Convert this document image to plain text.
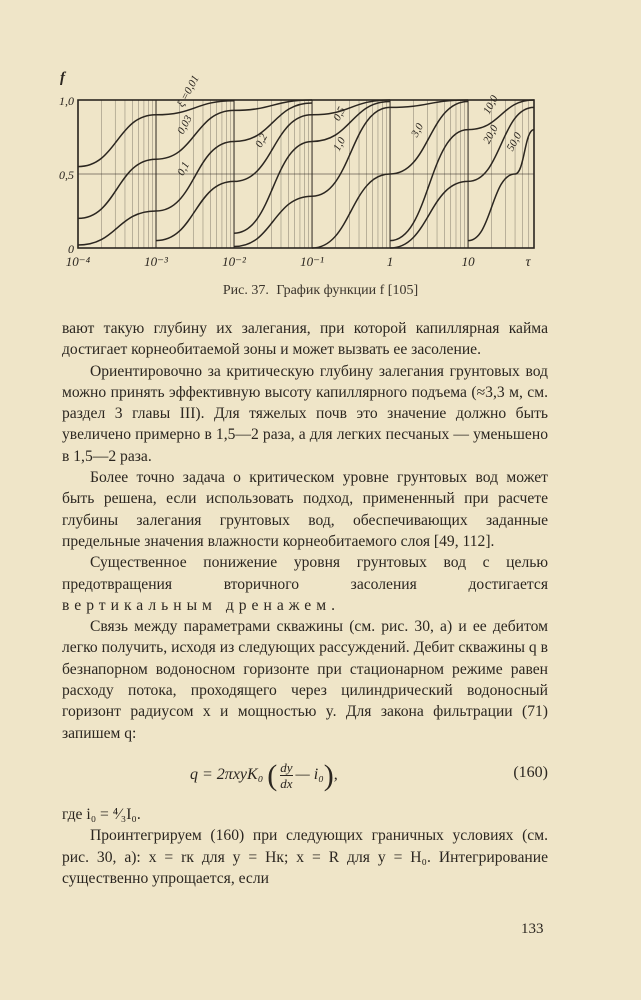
f
1,0
0,5
0
10⁻⁴	10⁻³	10⁻²	10⁻¹	1	10	τ
ξ =0,01
0,03
0,1
0,2
0,5
1,0
3,0
10,0
20,0 50,0
Рис. 37. График функции f [105]

вают такую глубину их залегания, при которой капиллярная кайма достигает корнеобитаемой зоны и может вызвать ее засоление.

Ориентировочно за критическую глубину залегания грунтовых вод можно принять эффективную высоту капиллярного подъема (≈3,3 м, см. раздел 3 главы III). Для тяжелых почв это значение должно быть увеличено примерно в 1,5—2 раза, а для легких песчаных — уменьшено в 1,5—2 раза.

Более точно задача о критическом уровне грунтовых вод может быть решена, если использовать подход, примененный при расчете глубины залегания грунтовых вод, обеспечивающих заданные предельные значения влажности корнеобитаемого слоя [49, 112].

Существенное понижение уровня грунтовых вод с целью предотвращения вторичного засоления достигается вертикальным дренажем.

Связь между параметрами скважины (см. рис. 30, а) и ее дебитом легко получить, исходя из следующих рассуждений. Дебит скважины q в безнапорном водоносном горизонте при стационарном режиме равен расходу потока, проходящего через цилиндрический водоносный горизонт радиусом x и мощностью y. Для закона фильтрации (71) запишем q:

q = 2πxyK₀ ( $\frac{dy}{dx}$ — i₀),	(160)

где i₀ = ⁴⁄₃I₀.

Проинтегрируем (160) при следующих граничных условиях (см. рис. 30, а): x = rк для y = Hк; x = R для y = H₀. Интегрирование существенно упрощается, если

133
